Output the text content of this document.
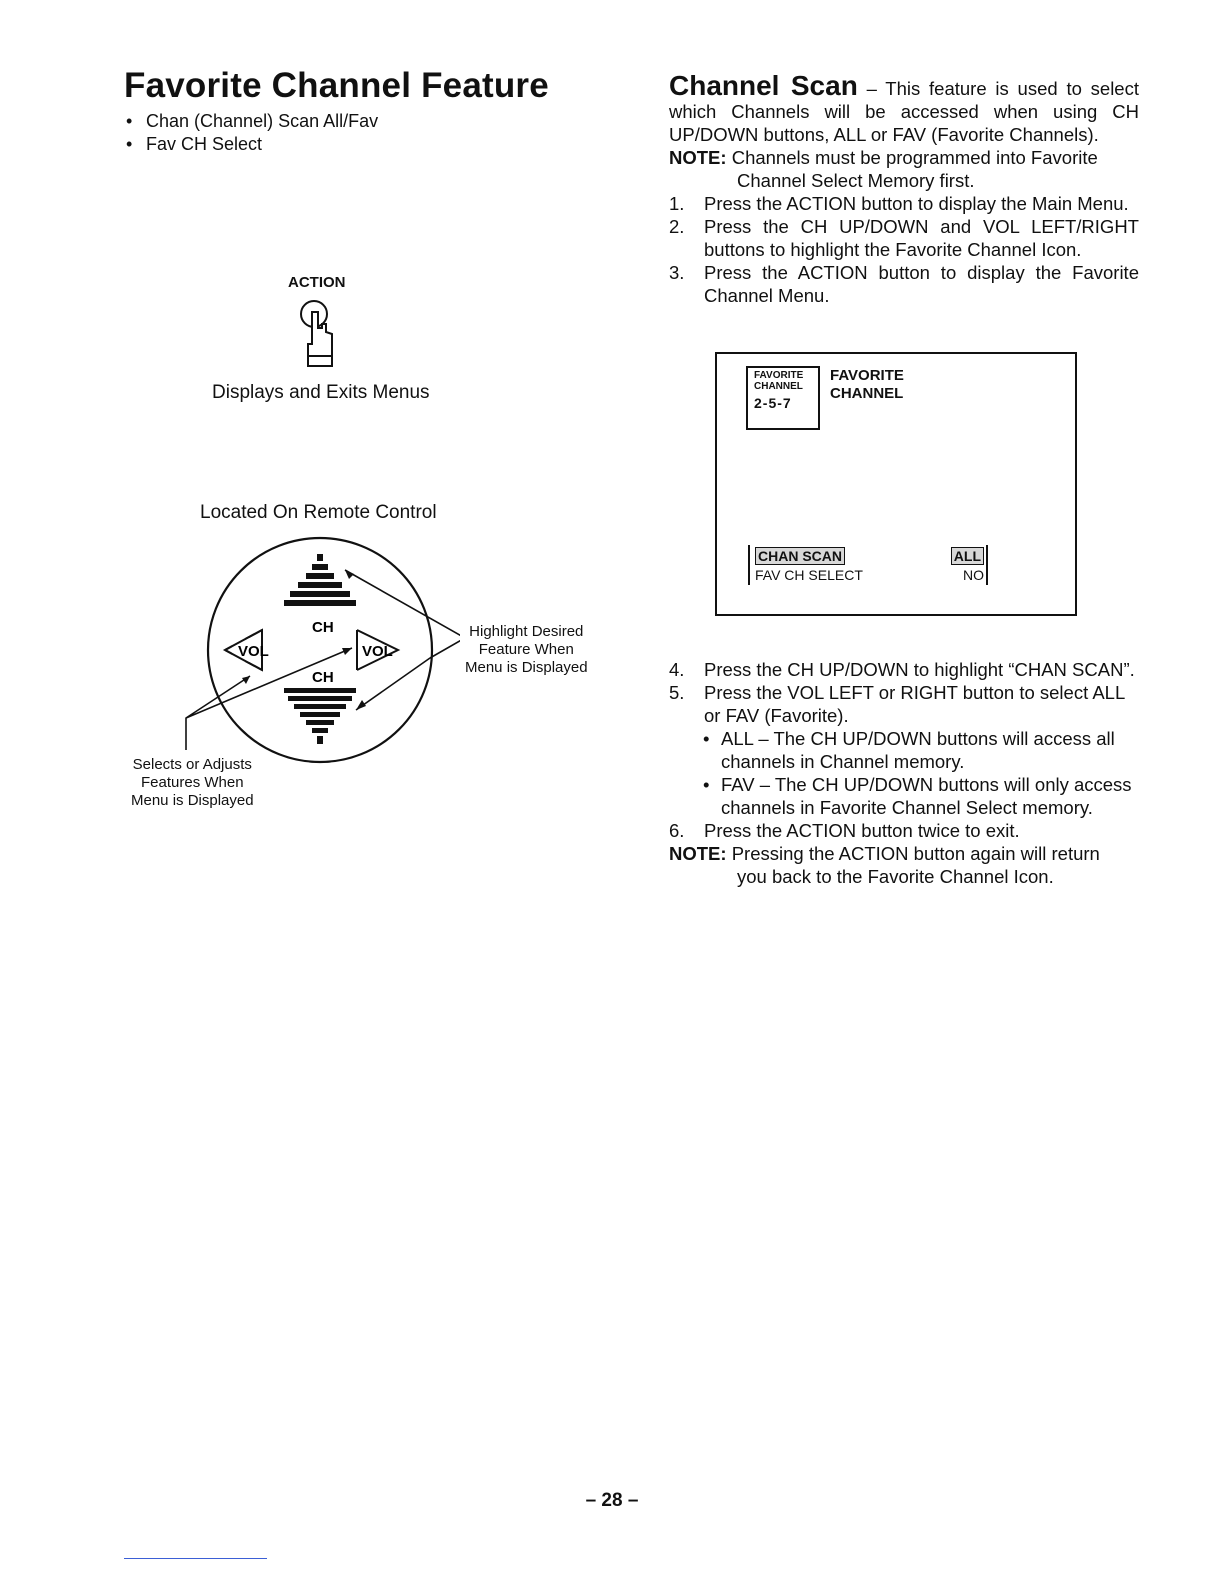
Favorite Channel Feature
• Chan (Channel) Scan All/Fav
• Fav CH Select
ACTION
Displays and Exits Menus
Located On Remote Control
CH
CH
VOL	VOL
Highlight Desired
Feature When
Menu is Displayed
Selects or Adjusts
Features When
Menu is Displayed
Channel Scan – This feature is used to select which Channels will be accessed when using CH UP/DOWN buttons, ALL or FAV (Favorite Channels).
NOTE: Channels must be programmed into Favorite
Channel Select Memory first.
1. Press the ACTION button to display the Main Menu.
2. Press the CH UP/DOWN and VOL LEFT/RIGHT buttons to highlight the Favorite Channel Icon.
3. Press the ACTION button to display the Favorite Channel Menu.
FAVORITE
CHANNEL
2-5-7
FAVORITE
CHANNEL
CHAN SCAN	ALL
FAV CH SELECT	NO
4. Press the CH UP/DOWN to highlight “CHAN SCAN”.
5. Press the VOL LEFT or RIGHT button to select ALL or FAV (Favorite).
• ALL – The CH UP/DOWN buttons will access all channels in Channel memory.
• FAV – The CH UP/DOWN buttons will only access channels in Favorite Channel Select memory.
6. Press the ACTION button twice to exit.
NOTE: Pressing the ACTION button again will return
you back to the Favorite Channel Icon.
– 28 –
